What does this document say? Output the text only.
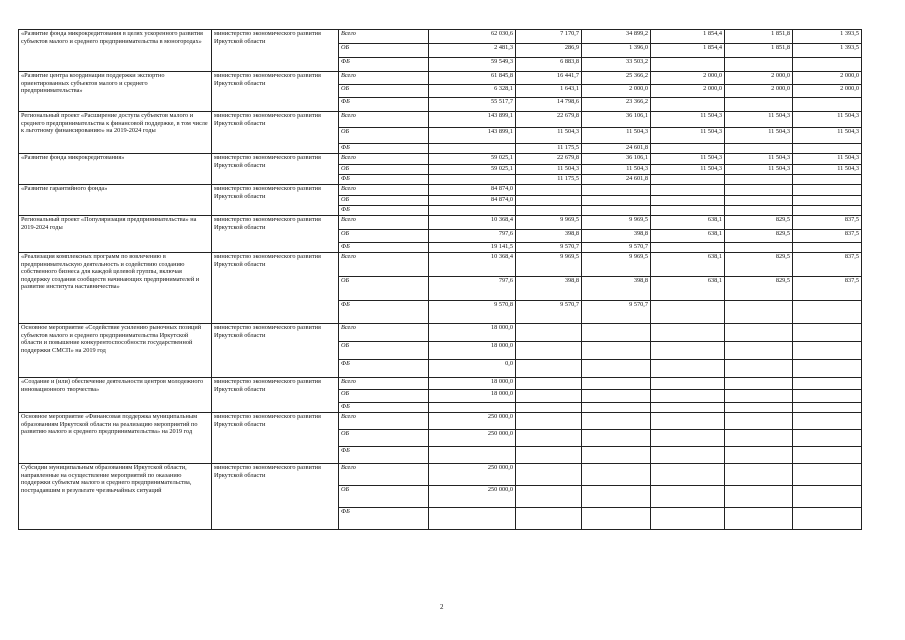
«Развитие фонда микрокредитования в целях ускоренного развития субъектов малого и среднего предпринимательства в моногородах»	министерство экономического развития Иркутской области	Всего	62 030,6	7 170,7	34 899,2	1 854,4	1 851,8	1 393,5
		ОБ	2 481,3	286,9	1 396,0	1 854,4	1 851,8	1 393,5
		ФБ	59 549,3	6 883,8	33 503,2			
«Развитие центра координации поддержки экспортно ориентированных субъектов малого и среднего предпринимательства»	министерство экономического развития Иркутской области	Всего	61 845,8	16 441,7	25 366,2	2 000,0	2 000,0	2 000,0
		ОБ	6 328,1	1 643,1	2 000,0	2 000,0	2 000,0	2 000,0
		ФБ	55 517,7	14 798,6	23 366,2			
Региональный проект «Расширение доступа субъектов малого и среднего предпринимательства к финансовой поддержке, в том числе к льготному финансированию» на 2019-2024 годы	министерство экономического развития Иркутской области	Всего	143 899,1	22 679,8	36 106,1	11 504,3	11 504,3	11 504,3
		ОБ	143 899,1	11 504,3	11 504,3	11 504,3	11 504,3	11 504,3
		ФБ		11 175,5	24 601,8			
«Развитие фонда микрокредитования»	министерство экономического развития Иркутской области	Всего	59 025,1	22 679,8	36 106,1	11 504,3	11 504,3	11 504,3
		ОБ	59 025,1	11 504,3	11 504,3	11 504,3	11 504,3	11 504,3
		ФБ		11 175,5	24 601,8			
«Развитие гарантийного фонда»	министерство экономического развития Иркутской области	Всего	84 874,0					
		ОБ	84 874,0					
		ФБ						
Региональный проект «Популяризация предпринимательства» на 2019-2024 годы	министерство экономического развития Иркутской области	Всего	10 368,4	9 969,5	9 969,5	638,1	829,5	837,5
		ОБ	797,6	398,8	398,8	638,1	829,5	837,5
		ФБ	19 141,5	9 570,7	9 570,7			
«Реализация комплексных программ по вовлечению в предпринимательскую деятельность и содействию созданию собственного бизнеса для каждой целевой группы, включая поддержку создания сообществ начинающих предпринимателей и развитие института наставничества»	министерство экономического развития Иркутской области	Всего	10 368,4	9 969,5	9 969,5	638,1	829,5	837,5
		ОБ	797,6	398,8	398,8	638,1	829,5	837,5
		ФБ	9 570,8	9 570,7	9 570,7			
Основное мероприятие «Содействие усилению рыночных позиций субъектов малого и среднего предпринимательства Иркутской области и повышение конкурентоспособности государственной поддержки СМСП» на 2019 год	министерство экономического развития Иркутской области	Всего	18 000,0					
		ОБ	18 000,0					
		ФБ	0,0					
«Создание и (или) обеспечение деятельности центров молодежного инновационного творчества»	министерство экономического развития Иркутской области	Всего	18 000,0					
		ОБ	18 000,0					
		ФБ						
Основное мероприятие «Финансовая поддержка муниципальным образованиям Иркутской области на реализацию мероприятий по развитию малого и среднего предпринимательства» на 2019 год	министерство экономического развития Иркутской области	Всего	250 000,0					
		ОБ	250 000,0					
		ФБ						
Субсидии муниципальным образованиям Иркутской области, направленные на осуществление мероприятий по оказанию поддержки субъектам малого и среднего предпринимательства, пострадавшим в результате чрезвычайных ситуаций	министерство экономического развития Иркутской области	Всего	250 000,0					
		ОБ	250 000,0					
		ФБ						
2
